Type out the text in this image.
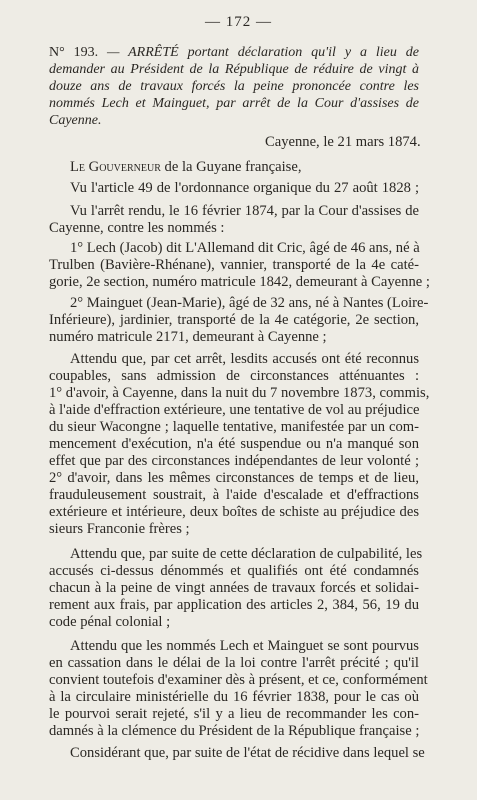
— 172 —
N° 193. — ARRÊTÉ portant déclaration qu'il y a lieu de
demander au Président de la République de réduire de vingt à
douze ans de travaux forcés la peine prononcée contre les
nommés Lech et Mainguet, par arrêt de la Cour d'assises de
Cayenne.
Cayenne, le 21 mars 1874.
Le Gouverneur de la Guyane française,
Vu l'article 49 de l'ordonnance organique du 27 août 1828 ;
Vu l'arrêt rendu, le 16 février 1874, par la Cour d'assises de
Cayenne, contre les nommés :
1° Lech (Jacob) dit L'Allemand dit Cric, âgé de 46 ans, né à
Trulben (Bavière-Rhénane), vannier, transporté de la 4e caté-
gorie, 2e section, numéro matricule 1842, demeurant à Cayenne ;
2° Mainguet (Jean-Marie), âgé de 32 ans, né à Nantes (Loire-
Inférieure), jardinier, transporté de la 4e catégorie, 2e section,
numéro matricule 2171, demeurant à Cayenne ;
Attendu que, par cet arrêt, lesdits accusés ont été reconnus
coupables, sans admission de circonstances atténuantes :
1° d'avoir, à Cayenne, dans la nuit du 7 novembre 1873, commis,
à l'aide d'effraction extérieure, une tentative de vol au préjudice
du sieur Wacongne ; laquelle tentative, manifestée par un com-
mencement d'exécution, n'a été suspendue ou n'a manqué son
effet que par des circonstances indépendantes de leur volonté ;
2° d'avoir, dans les mêmes circonstances de temps et de lieu,
frauduleusement soustrait, à l'aide d'escalade et d'effractions
extérieure et intérieure, deux boîtes de schiste au préjudice des
sieurs Franconie frères ;
Attendu que, par suite de cette déclaration de culpabilité, les
accusés ci-dessus dénommés et qualifiés ont été condamnés
chacun à la peine de vingt années de travaux forcés et solidai-
rement aux frais, par application des articles 2, 384, 56, 19 du
code pénal colonial ;
Attendu que les nommés Lech et Mainguet se sont pourvus
en cassation dans le délai de la loi contre l'arrêt précité ; qu'il
convient toutefois d'examiner dès à présent, et ce, conformément
à la circulaire ministérielle du 16 février 1838, pour le cas où
le pourvoi serait rejeté, s'il y a lieu de recommander les con-
damnés à la clémence du Président de la République française ;
Considérant que, par suite de l'état de récidive dans lequel se
